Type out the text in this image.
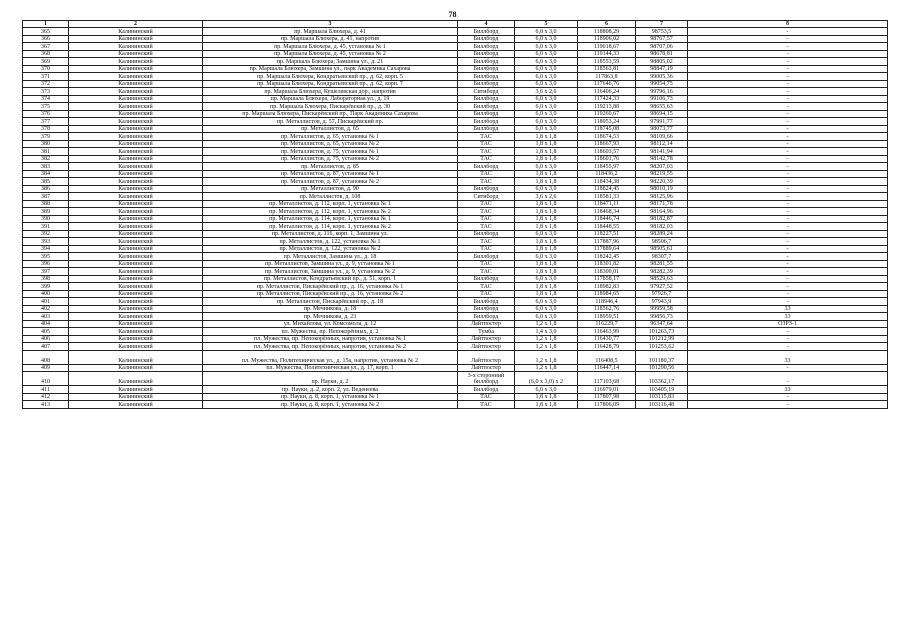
78
1	2	3	4	5	6	7	8
365	Калининский	пр. Маршала Блюхера, д. 41	Биллборд	6,0 х 3,0	118808,29	98753,5	-
366	Калининский	пр. Маршала Блюхера, д. 41, напротив	Биллборд	6,0 х 3,0	118906,02	98767,57	-
367	Калининский	пр. Маршала Блюхера, д. 45, установка № 1	Биллборд	6,0 х 3,0	119018,67	98707,06	-
368	Калининский	пр. Маршала Блюхера, д. 45, установка № 2	Биллборд	6,0 х 3,0	119144,33	98678,81	-
369	Калининский	пр. Маршала Блюхера, Замшина ул., д. 21	Биллборд	6,0 х 3,0	118553,59	98805,02	-
370	Калининский	пр. Маршала Блюхера, Замшина ул., парк Академика Сахарова	Биллборд	6,0 х 3,0	118563,81	98847,19	-
371	Калининский	пр. Маршала Блюхера, Кондратьевский пр., д. 62, корп. 5	Биллборд	6,0 х 3,0	117863,8	99005,36	-
372	Калининский	пр. Маршала Блюхера, Кондратьевский пр., д. 62, корп. 7	Биллборд	6,0 х 3,0	117646,76	99054,75	-
373	Калининский	пр. Маршала Блюхера, Кушелевская дор., напротив	Ситиборд	3,6 х 2,6	116406,24	99796,16	-
374	Калининский	пр. Маршала Блюхера, Лабораторная ул., д. 19	Биллборд	6,0 х 3,0	117424,33	99106,73	-
375	Калининский	пр. Маршала Блюхера, Пискарёвский пр., д. 30	Биллборд	6,0 х 3,0	119213,88	98655,63	-
376	Калининский	пр. Маршала Блюхера, Пискарёвский пр., Парк Академика Сахарова	Биллборд	6,0 х 3,0	119260,67	98694,15	-
377	Калининский	пр. Металлистов, д. 57, Пискарёвский пр.	Биллборд	6,0 х 3,0	118953,24	97991,77	-
378	Калининский	пр. Металлистов, д. 65	Биллборд	6,0 х 3,0	118745,08	98073,77	-
379	Калининский	пр. Металлистов, д. 65, установка № 1	ТАС	1,8 х 1,8	118674,53	98109,66	-
380	Калининский	пр. Металлистов, д. 65, установка № 2	ТАС	1,8 х 1,8	118667,93	98112,14	-
381	Калининский	пр. Металлистов, д. 75, установка № 1	ТАС	1,8 х 1,8	118603,57	98141,94	-
382	Калининский	пр. Металлистов, д. 75, установка № 2	ТАС	1,8 х 1,8	118601,76	98142,78	-
383	Калининский	пр. Металлистов, д. 85	Биллборд	6,0 х 3,0	118455,97	98207,03	-
384	Калининский	пр. Металлистов, д. 87, установка № 1	ТАС	1,8 х 1,8	118436,2	98219,55	-
385	Калининский	пр. Металлистов, д. 87, установка № 2	ТАС	1,8 х 1,8	118434,38	98220,39	-
386	Калининский	пр. Металлистов, д. 90	Биллборд	6,0 х 3,0	118824,45	98010,19	-
387	Калининский	пр. Металлистов, д. 108	Ситиборд	3,6 х 2,6	118581,33	98125,96	-
388	Калининский	пр. Металлистов, д. 112, корп. 1, установка № 1	ТАС	1,8 х 1,8	118471,11	98171,78	-
389	Калининский	пр. Металлистов, д. 112, корп. 1, установка № 2	ТАС	1,8 х 1,8	118468,34	98164,96	-
390	Калининский	пр. Металлистов, д. 114, корп. 1, установка № 1	ТАС	1,8 х 1,8	118446,74	98182,87	-
391	Калининский	пр. Металлистов, д. 114, корп. 1, установка № 2	ТАС	1,8 х 1,8	118448,55	98182,03	-
392	Калининский	пр. Металлистов, д. 116, корп. 1, Замшина ул.	Биллборд	6,0 х 3,0	118227,51	98289,24	-
393	Калининский	пр. Металлистов, д. 122, установка № 1	ТАС	1,8 х 1,8	117887,96	98506,7	-
394	Калининский	пр. Металлистов, д. 122, установка № 2	ТАС	1,8 х 1,8	117889,64	98505,61	-
395	Калининский	пр. Металлистов, Замшина ул., д. 18	Биллборд	6,0 х 3,0	118242,45	98307,7	-
396	Калининский	пр. Металлистов, Замшина ул., д. 9, установка № 1	ТАС	1,8 х 1,8	118301,82	98281,55	-
397	Калининский	пр. Металлистов, Замшина ул., д. 9, установка № 2	ТАС	1,8 х 1,8	118300,01	98282,39	-
398	Калининский	пр. Металлистов, Кондратьевский пр., д. 51, корп. 1	Биллборд	6,0 х 3,0	117858,17	98529,63	-
399	Калининский	пр. Металлистов, Пискарёвский пр., д. 16, установка № 1	ТАС	1,8 х 1,8	118982,83	97927,52	-
400	Калининский	пр. Металлистов, Пискарёвский пр., д. 16, установка № 2	ТАС	1,8 х 1,8	118984,65	97926,7	-
401	Калининский	пр. Металлистов, Пискарёвский пр., д. 18	Биллборд	6,0 х 3,0	118946,4	97943,9	-
402	Калининский	пр. Мечникова, д. 18	Биллборд	6,0 х 3,0	118562,76	99959,58	33
403	Калининский	пр. Мечникова, д. 23	Биллборд	6,0 х 3,0	118959,51	99856,73	33
404	Калининский	ул. Михайлова, ул. Комсомола, д. 12	Лайтпостер	1,2 х 1,8	116229,7	96347,64	ОЗРЗ-1
405	Калининский	пл. Мужества, пр. Непокорённых, д. 2	Тумба	1,4 х 3,0	116463,99	101263,73	-
406	Калининский	пл. Мужества, пр. Непокорённых, напротив, установка № 1	Лайтпостер	1,2 х 1,8	116430,77	101212,99	-
407	Калининский	пл. Мужества, пр. Непокорённых, напротив, установка № 2	Лайтпостер	1,2 х 1,8	116428,79	101253,62	-
408	Калининский	пл. Мужества, Политехническая ул., д. 15а, напротив, установка № 2	Лайтпостер	1,2 х 1,8	116408,5	101180,37	33
409	Калининский	пл. Мужества, Политехническая ул., д. 17, корп. 1	Лайтпостер	1,2 х 1,8	116447,14	101290,56	-
410	Калининский	пр. Науки, д. 2	3-х сторонний биллборд	(6,0 х 3,0) х 2	117103,68	103362,17	-
411	Калининский	пр. Науки, д. 2, корп. 2, ул. Веденеева	Биллборд	6,0 х 3,0	116979,01	103405,19	33
412	Калининский	пр. Науки, д. 8, корп. 1, установка № 1	ТАС	1,8 х 1,8	117807,98	103115,83	-
413	Калининский	пр. Науки, д. 8, корп. 1, установка № 2	ТАС	1,8 х 1,8	117806,09	103116,48	-
